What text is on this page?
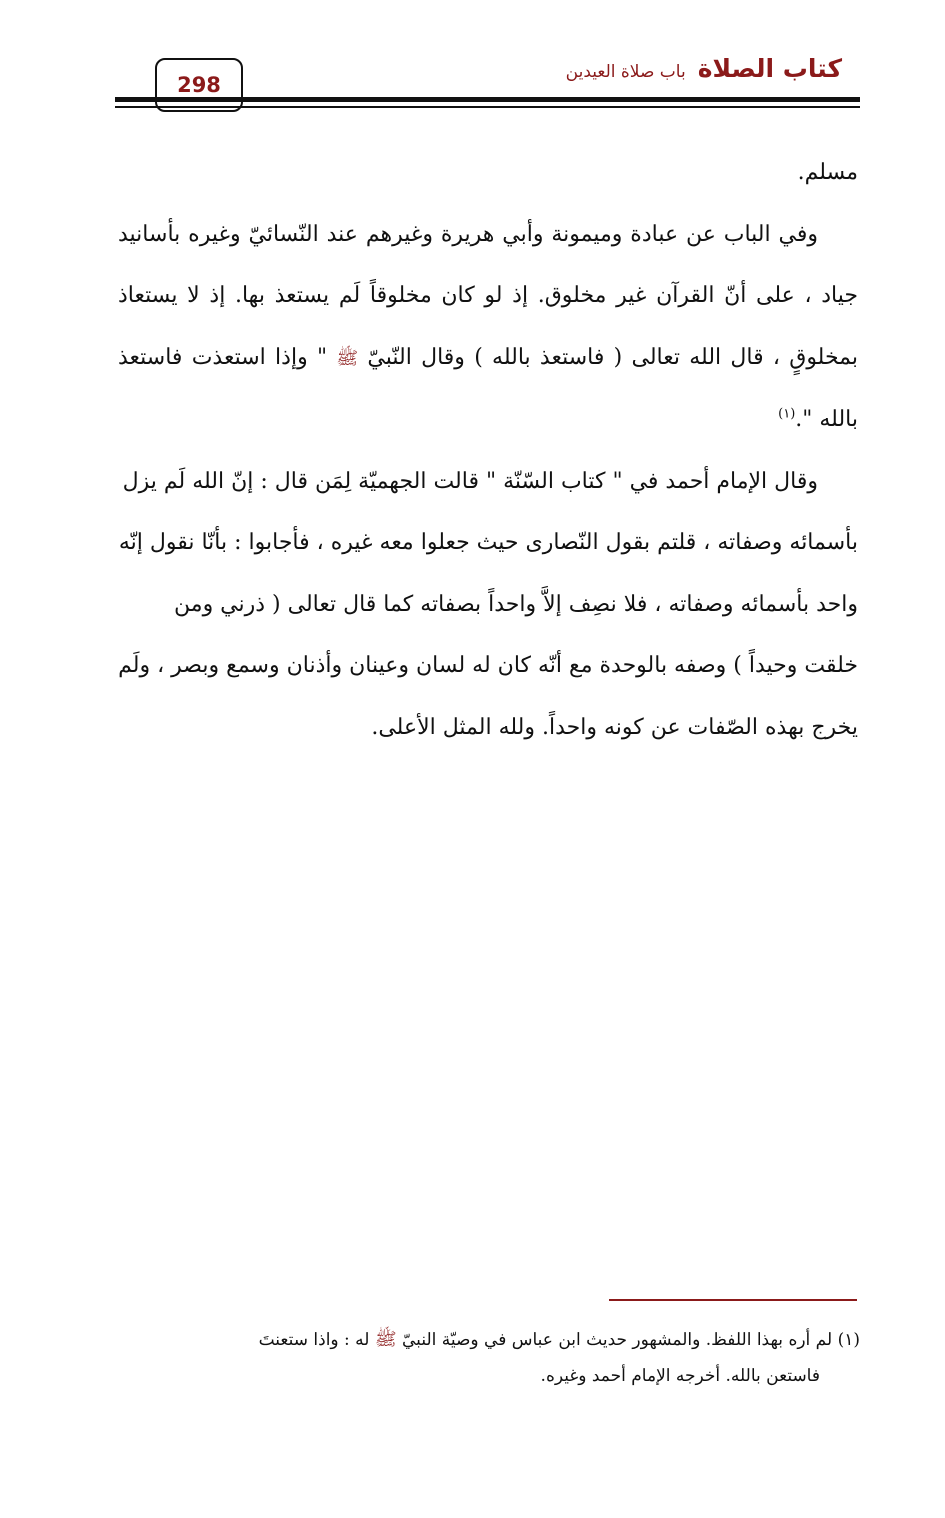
298
كتاب الصلاة
باب صلاة العيدين

مسلم.

وفي الباب عن عبادة وميمونة وأبي هريرة وغيرهم عند النّسائيّ وغيره بأسانيد جياد ، على أنّ القرآن غير مخلوق. إذ لو كان مخلوقاً لَم يستعذ بها. إذ لا يستعاذ بمخلوقٍ ، قال الله تعالى ( فاستعذ بالله ) وقال النّبيّ ﷺ " وإذا استعذت فاستعذ بالله ".$^{(١)}$

وقال الإمام أحمد في " كتاب السّنّة " قالت الجهميّة لِمَن قال : إنّ الله لَم يزل بأسمائه وصفاته ، قلتم بقول النّصارى حيث جعلوا معه غيره ، فأجابوا : بأنّا نقول إنّه واحد بأسمائه وصفاته ، فلا نصِف إلاَّ واحداً بصفاته كما قال تعالى ( ذرني ومن خلقت وحيداً ) وصفه بالوحدة مع أنّه كان له لسان وعينان وأذنان وسمع وبصر ، ولَم يخرج بهذه الصّفات عن كونه واحداً. ولله المثل الأعلى.

(١) لم أره بهذا اللفظ. والمشهور حديث ابن عباس في وصيّة النبيّ ﷺ له : واذا ستعنتَ

فاستعن بالله. أخرجه الإمام أحمد وغيره.
